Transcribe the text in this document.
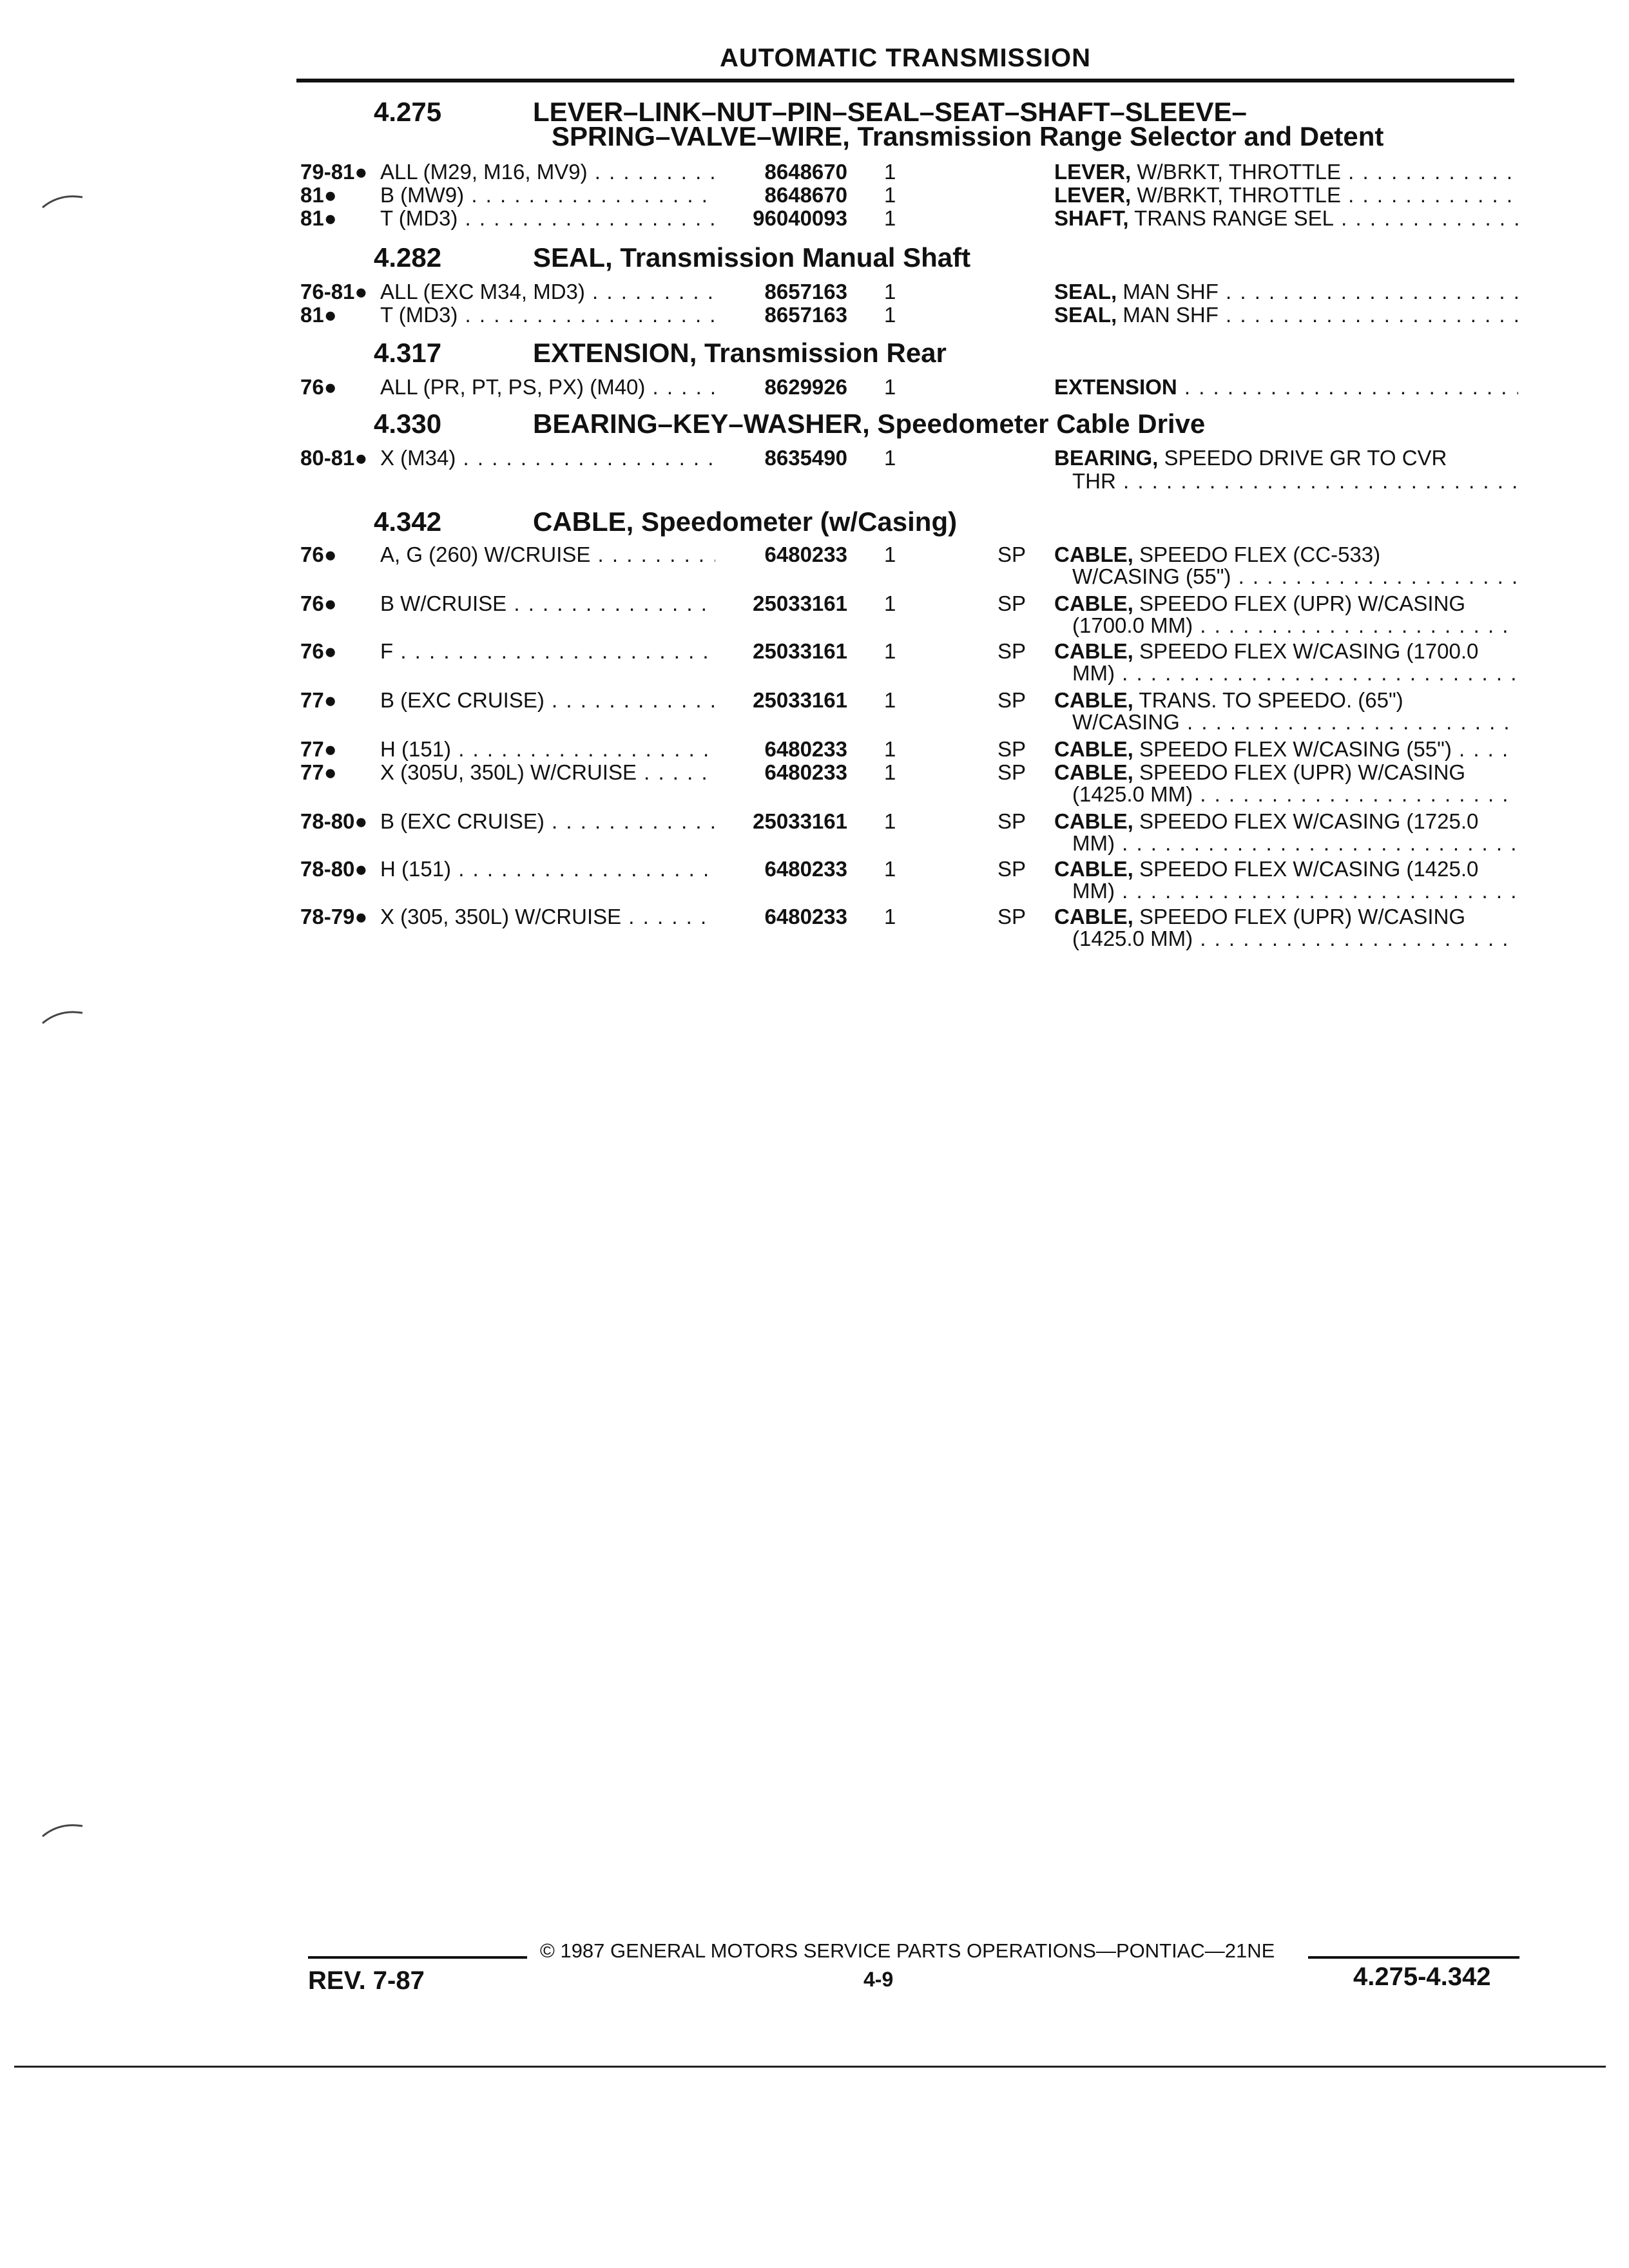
AUTOMATIC TRANSMISSION
4.275	LEVER–LINK–NUT–PIN–SEAL–SEAT–SHAFT–SLEEVE–
SPRING–VALVE–WIRE, Transmission Range Selector and Detent
79-81● ALL (M29, M16, MV9) . . .	8648670 1	LEVER, W/BRKT, THROTTLE . . .
81● B (MW9) . . .	8648670 1	LEVER, W/BRKT, THROTTLE . . .
81● T (MD3) . . .	96040093 1	SHAFT, TRANS RANGE SEL . . .
4.282	SEAL, Transmission Manual Shaft
76-81● ALL (EXC M34, MD3) . . .	8657163 1	SEAL, MAN SHF . . .
81● T (MD3) . . .	8657163 1	SEAL, MAN SHF . . .
4.317	EXTENSION, Transmission Rear
76● ALL (PR, PT, PS, PX) (M40) . . .	8629926 1	EXTENSION . . .
4.330	BEARING–KEY–WASHER, Speedometer Cable Drive
80-81● X (M34) . . .	8635490 1	BEARING, SPEEDO DRIVE GR TO CVR
THR . . .
4.342	CABLE, Speedometer (w/Casing)
76● A, G (260) W/CRUISE . . .	6480233 1	SP CABLE, SPEEDO FLEX (CC-533)
W/CASING (55") . . .
76● B W/CRUISE . . .	25033161 1	SP CABLE, SPEEDO FLEX (UPR) W/CASING
(1700.0 MM) . . .
76● F . . .	25033161 1	SP CABLE, SPEEDO FLEX W/CASING (1700.0
MM) . . .
77● B (EXC CRUISE) . . .	25033161 1	SP CABLE, TRANS. TO SPEEDO. (65")
W/CASING . . .
77● H (151) . . .	6480233 1	SP CABLE, SPEEDO FLEX W/CASING (55") . . .
77● X (305U, 350L) W/CRUISE . . .	6480233 1	SP CABLE, SPEEDO FLEX (UPR) W/CASING
(1425.0 MM) . . .
78-80● B (EXC CRUISE) . . .	25033161 1	SP CABLE, SPEEDO FLEX W/CASING (1725.0
MM) . . .
78-80● H (151) . . .	6480233 1	SP CABLE, SPEEDO FLEX W/CASING (1425.0
MM) . . .
78-79● X (305, 350L) W/CRUISE . . .	6480233 1	SP CABLE, SPEEDO FLEX (UPR) W/CASING
(1425.0 MM) . . .
© 1987 GENERAL MOTORS SERVICE PARTS OPERATIONS—PONTIAC—21NE
REV. 7-87	4-9	4.275-4.342
